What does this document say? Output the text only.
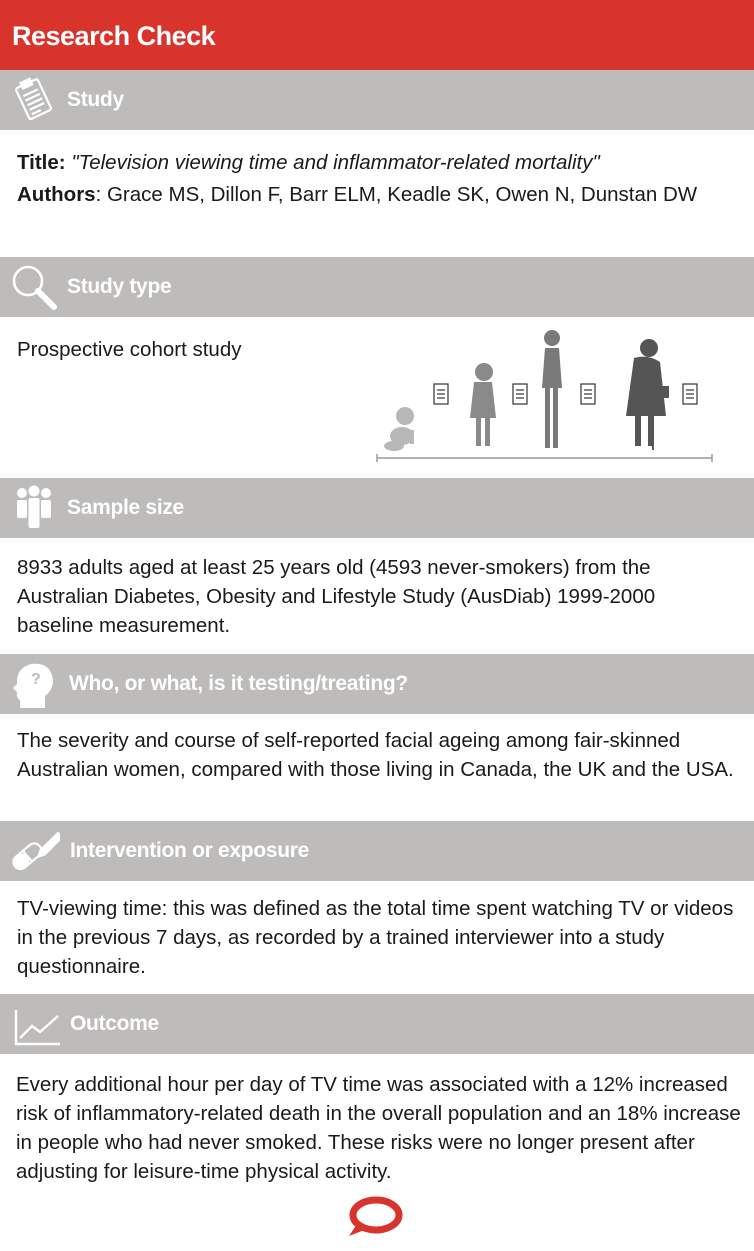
Research Check
Study
Title: "Television viewing time and inflammator-related mortality"
Authors: Grace MS, Dillon F, Barr ELM, Keadle SK, Owen N, Dunstan DW
Study type
Prospective cohort study
Sample size
8933 adults aged at least 25 years old (4593 never-smokers) from the Australian Diabetes, Obesity and Lifestyle Study (AusDiab) 1999-2000 baseline measurement.
? Who, or what, is it testing/treating?
The severity and course of self-reported facial ageing among fair-skinned Australian women, compared with those living in Canada, the UK and the USA.
Intervention or exposure
TV-viewing time: this was defined as the total time spent watching TV or videos in the previous 7 days, as recorded by a trained interviewer into a study questionnaire.
Outcome
Every additional hour per day of TV time was associated with a 12% increased risk of inflammatory-related death in the overall population and an 18% increase in people who had never smoked. These risks were no longer present after adjusting for leisure-time physical activity.
